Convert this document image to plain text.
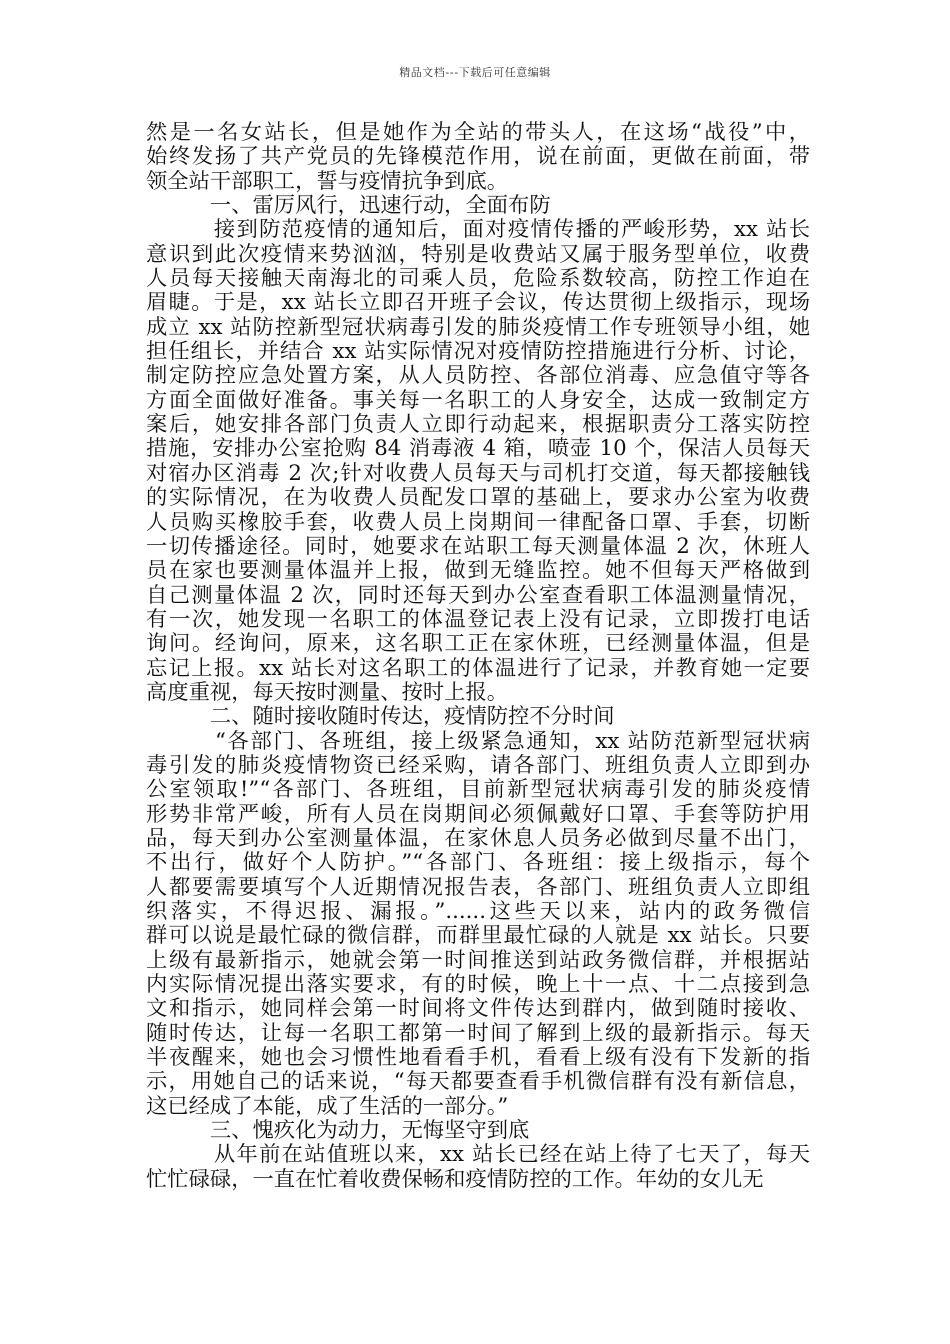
精品文档---下载后可任意编辑
然是一名女站长，但是她作为全站的带头人，在这场“战役”中，
始终发扬了共产党员的先锋模范作用，说在前面，更做在前面，带
领全站干部职工，誓与疫情抗争到底。
　　　一、雷厉风行，迅速行动，全面布防
　　　接到防范疫情的通知后，面对疫情传播的严峻形势，xx 站长
意识到此次疫情来势汹汹，特别是收费站又属于服务型单位，收费
人员每天接触天南海北的司乘人员，危险系数较高，防控工作迫在
眉睫。于是，xx 站长立即召开班子会议，传达贯彻上级指示，现场
成立 xx 站防控新型冠状病毒引发的肺炎疫情工作专班领导小组，她
担任组长，并结合 xx 站实际情况对疫情防控措施进行分析、讨论，
制定防控应急处置方案，从人员防控、各部位消毒、应急值守等各
方面全面做好准备。事关每一名职工的人身安全，达成一致制定方
案后，她安排各部门负责人立即行动起来，根据职责分工落实防控
措施，安排办公室抢购 84 消毒液 4 箱，喷壶 10 个，保洁人员每天
对宿办区消毒 2 次;针对收费人员每天与司机打交道，每天都接触钱
的实际情况，在为收费人员配发口罩的基础上，要求办公室为收费
人员购买橡胶手套，收费人员上岗期间一律配备口罩、手套，切断
一切传播途径。同时，她要求在站职工每天测量体温 2 次，休班人
员在家也要测量体温并上报，做到无缝监控。她不但每天严格做到
自己测量体温 2 次，同时还每天到办公室查看职工体温测量情况，
有一次，她发现一名职工的体温登记表上没有记录，立即拨打电话
询问。经询问，原来，这名职工正在家休班，已经测量体温，但是
忘记上报。xx 站长对这名职工的体温进行了记录，并教育她一定要
高度重视，每天按时测量、按时上报。
　　　二、随时接收随时传达，疫情防控不分时间
　　　“各部门、各班组，接上级紧急通知，xx 站防范新型冠状病
毒引发的肺炎疫情物资已经采购，请各部门、班组负责人立即到办
公室领取!”“各部门、各班组，目前新型冠状病毒引发的肺炎疫情
形势非常严峻，所有人员在岗期间必须佩戴好口罩、手套等防护用
品，每天到办公室测量体温，在家休息人员务必做到尽量不出门，
不出行，做好个人防护。”“各部门、各班组：接上级指示，每个
人都要需要填写个人近期情况报告表，各部门、班组负责人立即组
织落实，不得迟报、漏报。”......这些天以来，站内的政务微信
群可以说是最忙碌的微信群，而群里最忙碌的人就是 xx 站长。只要
上级有最新指示，她就会第一时间推送到站政务微信群，并根据站
内实际情况提出落实要求，有的时候，晚上十一点、十二点接到急
文和指示，她同样会第一时间将文件传达到群内，做到随时接收、
随时传达，让每一名职工都第一时间了解到上级的最新指示。每天
半夜醒来，她也会习惯性地看看手机，看看上级有没有下发新的指
示，用她自己的话来说，“每天都要查看手机微信群有没有新信息，
这已经成了本能，成了生活的一部分。”
　　　三、愧疚化为动力，无悔坚守到底
　　　从年前在站值班以来，xx 站长已经在站上待了七天了，每天
忙忙碌碌，一直在忙着收费保畅和疫情防控的工作。年幼的女儿无
